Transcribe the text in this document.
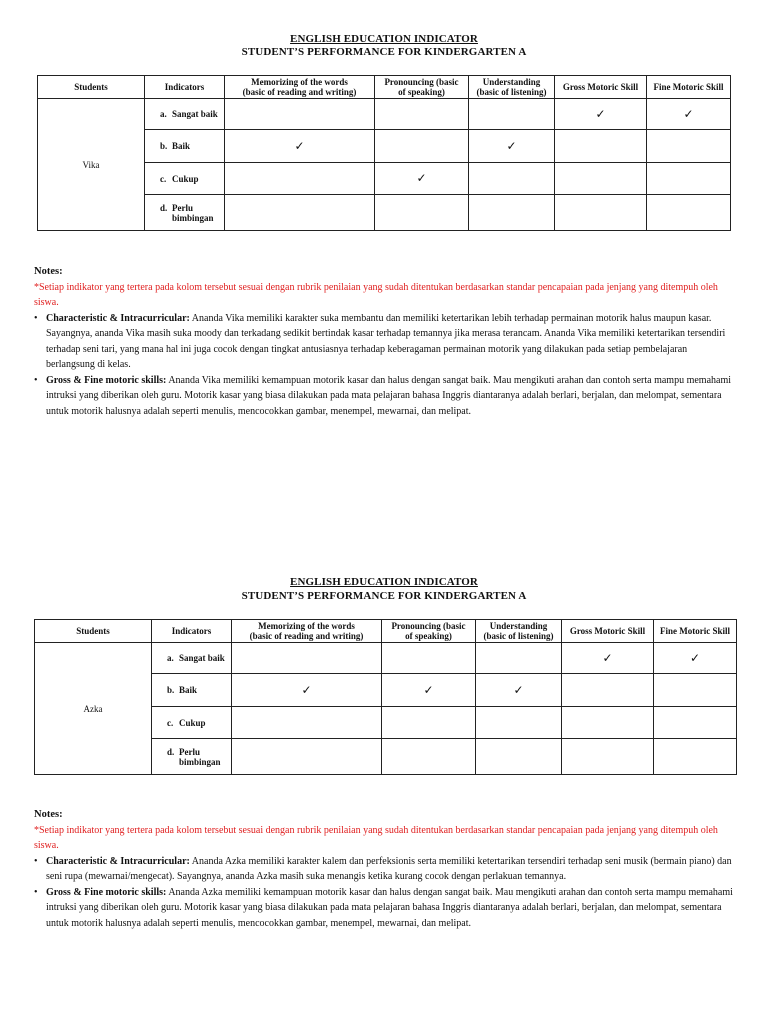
ENGLISH EDUCATION INDICATOR
STUDENT’S PERFORMANCE FOR KINDERGARTEN A
Students	Indicators	Memorizing of the words
(basic of reading and writing)	Pronouncing (basic
of speaking)	Understanding
(basic of listening)	Gross Motoric Skill	Fine Motoric Skill
Vika	a. Sangat baik				✓	✓
	b. Baik	✓		✓		
	c. Cukup		✓			
	d. Perlu
bimbingan					

Notes:
*Setiap indikator yang tertera pada kolom tersebut sesuai dengan rubrik penilaian yang sudah ditentukan berdasarkan standar pencapaian pada jenjang yang ditempuh oleh siswa.
• Characteristic & Intracurricular: Ananda Vika memiliki karakter suka membantu dan memiliki ketertarikan lebih terhadap permainan motorik halus maupun kasar. Sayangnya, ananda Vika masih suka moody dan terkadang sedikit bertindak kasar terhadap temannya jika merasa terancam. Ananda Vika memiliki ketertarikan tersendiri terhadap seni tari, yang mana hal ini juga cocok dengan tingkat antusiasnya terhadap keberagaman permainan motorik yang dilakukan pada setiap pembelajaran berlangsung di kelas.
• Gross & Fine motoric skills: Ananda Vika memiliki kemampuan motorik kasar dan halus dengan sangat baik. Mau mengikuti arahan dan contoh serta mampu memahami intruksi yang diberikan oleh guru. Motorik kasar yang biasa dilakukan pada mata pelajaran bahasa Inggris diantaranya adalah berlari, berjalan, dan melompat, sementara untuk motorik halusnya adalah seperti menulis, mencocokkan gambar, menempel, mewarnai, dan melipat.
ENGLISH EDUCATION INDICATOR
STUDENT’S PERFORMANCE FOR KINDERGARTEN A
Students	Indicators	Memorizing of the words
(basic of reading and writing)	Pronouncing (basic
of speaking)	Understanding
(basic of listening)	Gross Motoric Skill	Fine Motoric Skill
Azka	a. Sangat baik				✓	✓
	b. Baik	✓	✓	✓		
	c. Cukup					
	d. Perlu
bimbingan					

Notes:
*Setiap indikator yang tertera pada kolom tersebut sesuai dengan rubrik penilaian yang sudah ditentukan berdasarkan standar pencapaian pada jenjang yang ditempuh oleh siswa.
• Characteristic & Intracurricular: Ananda Azka memiliki karakter kalem dan perfeksionis serta memiliki ketertarikan tersendiri terhadap seni musik (bermain piano) dan seni rupa (mewarnai/mengecat). Sayangnya, ananda Azka masih suka menangis ketika kurang cocok dengan perlakuan temannya.
• Gross & Fine motoric skills: Ananda Azka memiliki kemampuan motorik kasar dan halus dengan sangat baik. Mau mengikuti arahan dan contoh serta mampu memahami intruksi yang diberikan oleh guru. Motorik kasar yang biasa dilakukan pada mata pelajaran bahasa Inggris diantaranya adalah berlari, berjalan, dan melompat, sementara untuk motorik halusnya adalah seperti menulis, mencocokkan gambar, menempel, mewarnai, dan melipat.
